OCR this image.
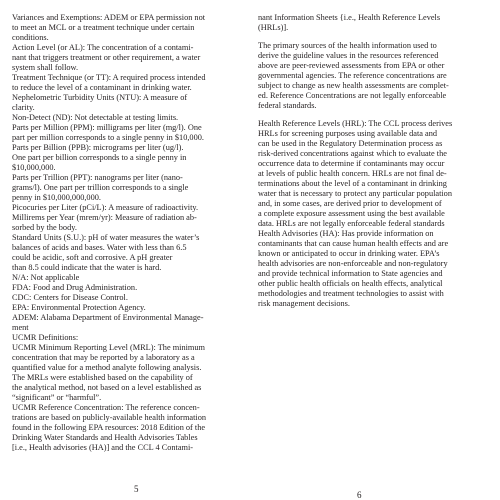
Variances and Exemptions: ADEM or EPA permission not

to meet an MCL or a treatment technique under certain

conditions.

Action Level (or AL): The concentration of a contami-

nant that triggers treatment or other requirement, a water

system shall follow.

Treatment Technique (or TT): A required process intended

to reduce the level of a contaminant in drinking water.

Nephelometric Turbidity Units (NTU): A measure of

clarity.

Non-Detect (ND): Not detectable at testing limits.

Parts per Million (PPM): milligrams per liter (mg/l). One

part per million corresponds to a single penny in $10,000.

Parts per Billion (PPB): micrograms per liter (ug/l).

One part per billion corresponds to a single penny in

$10,000,000.

Parts per Trillion (PPT): nanograms per liter (nano-

grams/l). One part per trillion corresponds to a single

penny in $10,000,000,000.

Picocuries per Liter (pCi/L): A measure of radioactivity.

Millirems per Year (mrem/yr): Measure of radiation ab-

sorbed by the body.

Standard Units (S.U.): pH of water measures the water’s

balances of acids and bases. Water with less than 6.5

could be acidic, soft and corrosive. A pH greater

than 8.5 could indicate that the water is hard.

N/A: Not applicable

FDA: Food and Drug Administration.

CDC: Centers for Disease Control.

EPA: Environmental Protection Agency.

ADEM: Alabama Department of Environmental Manage-

ment

UCMR Definitions:

UCMR Minimum Reporting Level (MRL): The minimum

concentration that may be reported by a laboratory as a

quantified value for a method analyte following analysis.

The MRLs were established based on the capability of

the analytical method, not based on a level established as

“significant” or “harmful”.

UCMR Reference Concentration: The reference concen-

trations are based on publicly-available health information

found in the following EPA resources: 2018 Edition of the

Drinking Water Standards and Health Advisories Tables

[i.e., Health advisories (HA)] and the CCL 4 Contami-

5

nant Information Sheets {i.e., Health Reference Levels

(HRLs)].

The primary sources of the health information used to

derive the guideline values in the resources referenced

above are peer-reviewed assessments from EPA or other

governmental agencies. The reference concentrations are

subject to change as new health assessments are complet-

ed. Reference Concentrations are not legally enforceable

federal standards.

Health Reference Levels (HRL): The CCL process derives

HRLs for screening purposes using available data and

can be used in the Regulatory Determination process as

risk-derived concentrations against which to evaluate the

occurrence data to determine if contaminants may occur

at levels of public health concern. HRLs are not final de-

terminations about the level of a contaminant in drinking

water that is necessary to protect any particular population

and, in some cases, are derived prior to development of

a complete exposure assessment using the best available

data. HRLs are not legally enforceable federal standards

Health Advisories (HA): Has provide information on

contaminants that can cause human health effects and are

known or anticipated to occur in drinking water. EPA’s

health advisories are non-enforceable and non-regulatory

and provide technical information to State agencies and

other public health officials on health effects, analytical

methodologies and treatment technologies to assist with

risk management decisions.

6
